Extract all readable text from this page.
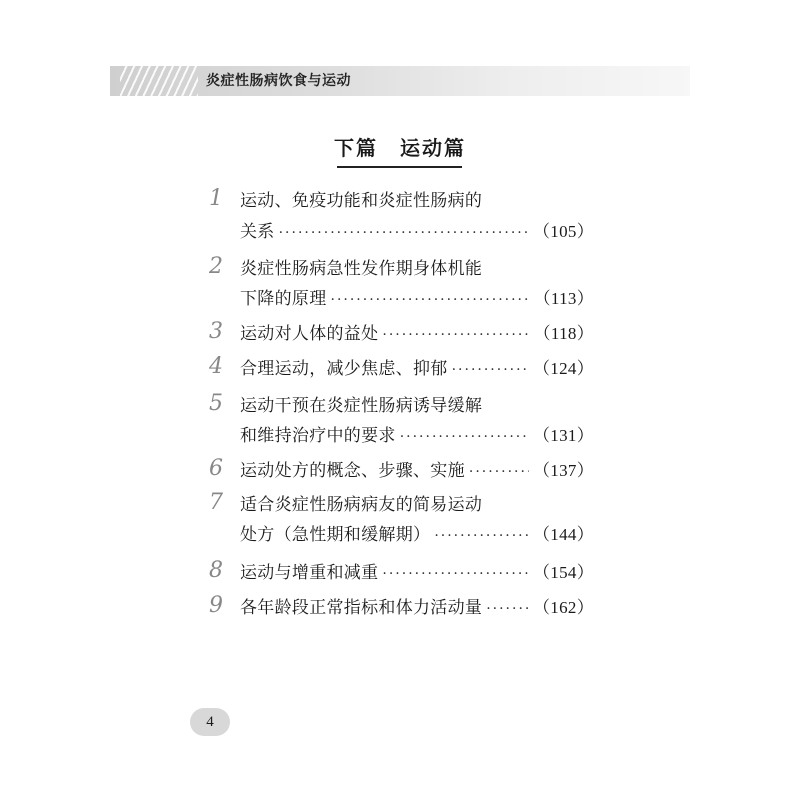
炎症性肠病饮食与运动
下篇　运动篇
1 运动、免疫功能和炎症性肠病的
关系 ·····	（105）
2 炎症性肠病急性发作期身体机能
下降的原理 ·····	（113）
3 运动对人体的益处 ·····	（118）
4 合理运动，减少焦虑、抑郁 ·····	（124）
5 运动干预在炎症性肠病诱导缓解
和维持治疗中的要求 ·····	（131）
6 运动处方的概念、步骤、实施 ·····	（137）
7 适合炎症性肠病病友的简易运动
处方（急性期和缓解期） ·····	（144）
8 运动与增重和减重 ·····	（154）
9 各年龄段正常指标和体力活动量 ·····	（162）
4
